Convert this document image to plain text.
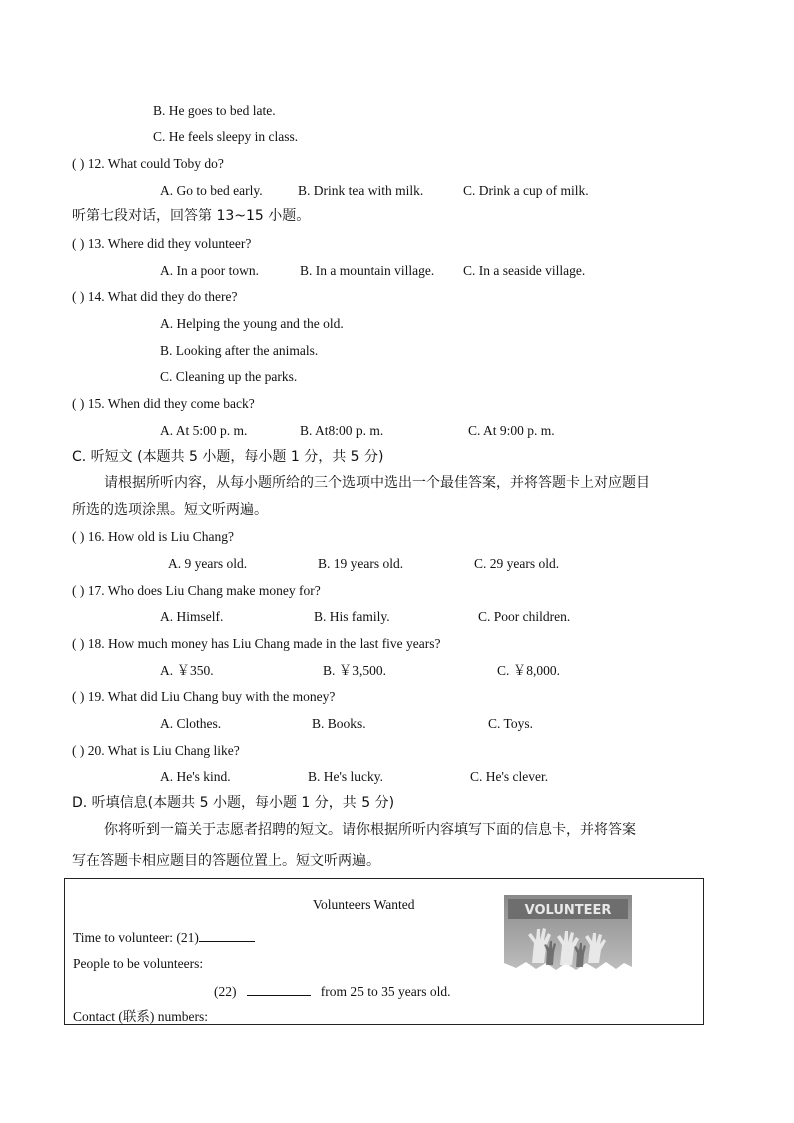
B. He goes to bed late.
C. He feels sleepy in class.
( ) 12. What could Toby do?
A. Go to bed early.	B. Drink tea with milk.	C. Drink a cup of milk.
听第七段对话，回答第 13~15 小题。
( ) 13. Where did they volunteer?
A. In a poor town.	B. In a mountain village. C. In a seaside village.
( ) 14. What did they do there?
A. Helping the young and the old.
B. Looking after the animals.
C. Cleaning up the parks.
( ) 15. When did they come back?
A. At 5:00 p. m.	B. At8:00 p. m.	C. At 9:00 p. m.
C. 听短文 (本题共 5 小题，每小题 1 分，共 5 分)
请根据所听内容，从每小题所给的三个选项中选出一个最佳答案，并将答题卡上对应题目
所选的选项涂黑。短文听两遍。
( ) 16. How old is Liu Chang?
A. 9 years old.	B. 19 years old.	C. 29 years old.
( ) 17. Who does Liu Chang make money for?
A. Himself.	B. His family.	C. Poor children.
( ) 18. How much money has Liu Chang made in the last five years?
A. ￥350.	B. ￥3,500.	C. ￥8,000.
( ) 19. What did Liu Chang buy with the money?
A. Clothes.	B. Books.	C. Toys.
( ) 20. What is Liu Chang like?
A. He's kind.	B. He's lucky.	C. He's clever.
D. 听填信息(本题共 5 小题，每小题 1 分，共 5 分)
你将听到一篇关于志愿者招聘的短文。请你根据所听内容填写下面的信息卡，并将答案
写在答题卡相应题目的答题位置上。短文听两遍。
Volunteers Wanted
Time to volunteer: (21)
People to be volunteers:
(22)	from 25 to 35 years old.
Contact (联系) numbers:
VOLUNTEER
